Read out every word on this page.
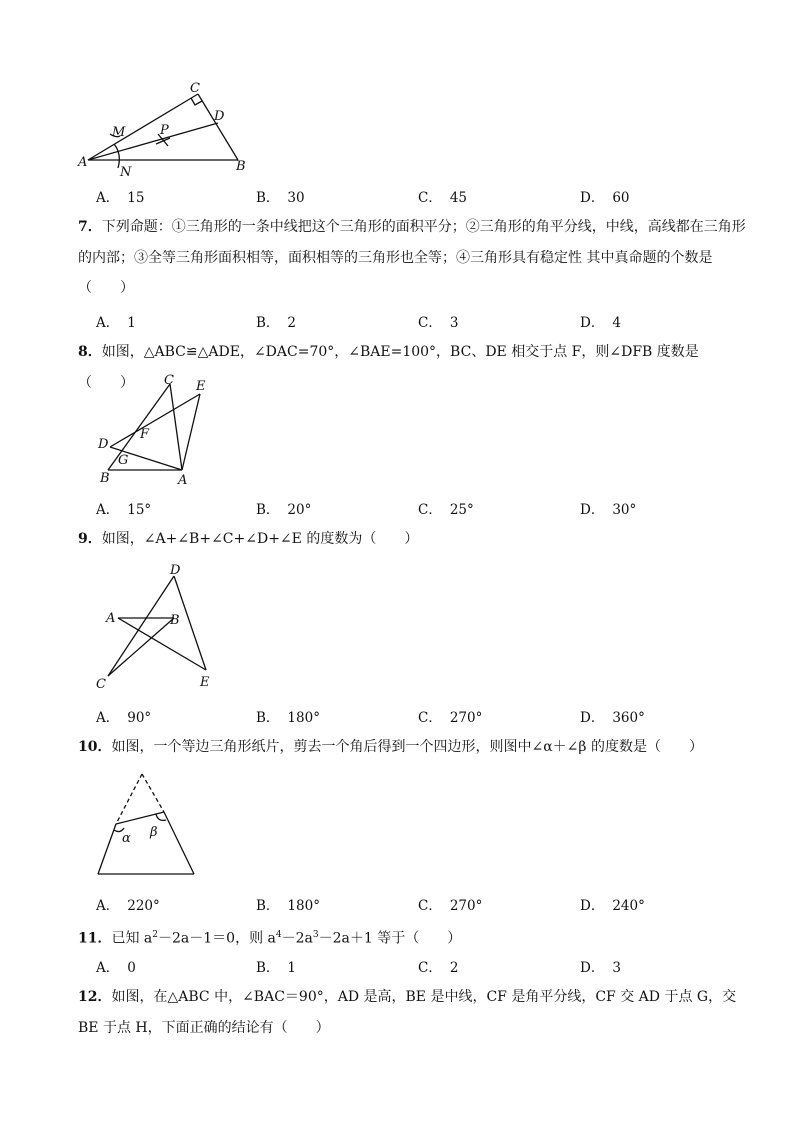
A	B
C
D
M
N
P
A． 15	B． 30	C． 45	D． 60
7．下列命题：①三角形的一条中线把这个三角形的面积平分；②三角形的角平分线，中线，高线都在三角形的内部；③全等三角形面积相等，面积相等的三角形也全等；④三角形具有稳定性 其中真命题的个数是（　　）
A． 1	B． 2	C． 3	D． 4
8．如图，△ABC≌△ADE，∠DAC=70°，∠BAE=100°，BC、DE 相交于点 F，则∠DFB 度数是（　　）
A
B
C
D
E
F
G
A． 15°	B． 20°	C． 25°	D． 30°
9．如图，∠A+∠B+∠C+∠D+∠E 的度数为（　　）
A	B
C
D
E
A． 90°	B． 180°	C． 270°	D． 360°
10．如图，一个等边三角形纸片，剪去一个角后得到一个四边形，则图中∠α＋∠β 的度数是（　　）
α β
A． 220°	B． 180°	C． 270°	D． 240°
11．已知 $a^2-2a-1=0$，则 $a^4-2a^3-2a+1$ 等于（　　）
A． 0	B． 1	C． 2	D． 3
12．如图，在△ABC 中，∠BAC＝90°，AD 是高，BE 是中线，CF 是角平分线，CF 交 AD 于点 G，交 BE 于点 H，下面正确的结论有（　　）
